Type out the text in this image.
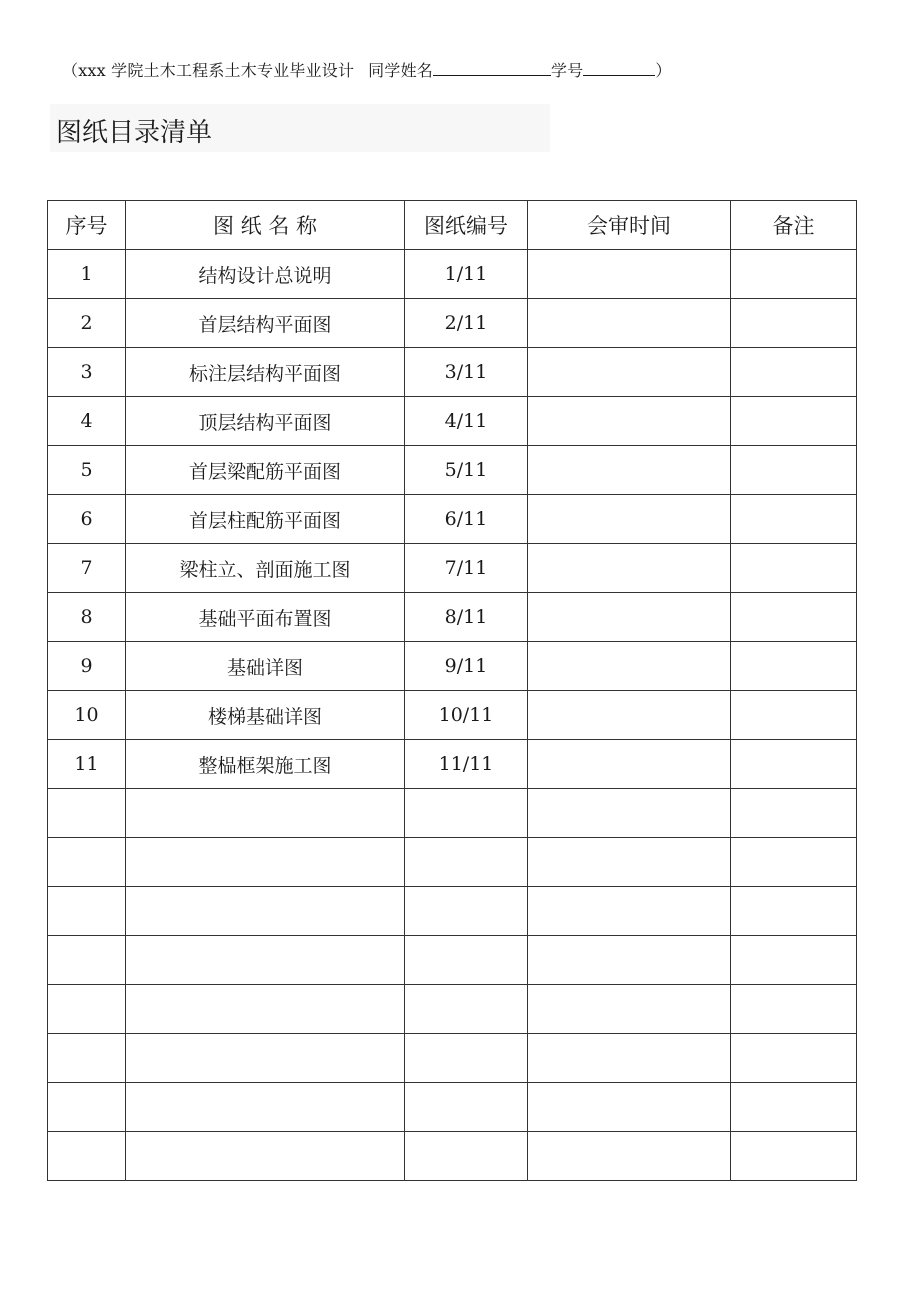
（xxx 学院土木工程系土木专业毕业设计 同学姓名	学号	）
图纸目录清单
序号	图 纸 名 称	图纸编号	会审时间	备注
1	结构设计总说明	1/11		
2	首层结构平面图	2/11		
3	标注层结构平面图	3/11		
4	顶层结构平面图	4/11		
5	首层梁配筋平面图	5/11		
6	首层柱配筋平面图	6/11		
7	梁柱立、剖面施工图	7/11		
8	基础平面布置图	8/11		
9	基础详图	9/11		
10	楼梯基础详图	10/11		
11	整榀框架施工图	11/11		
